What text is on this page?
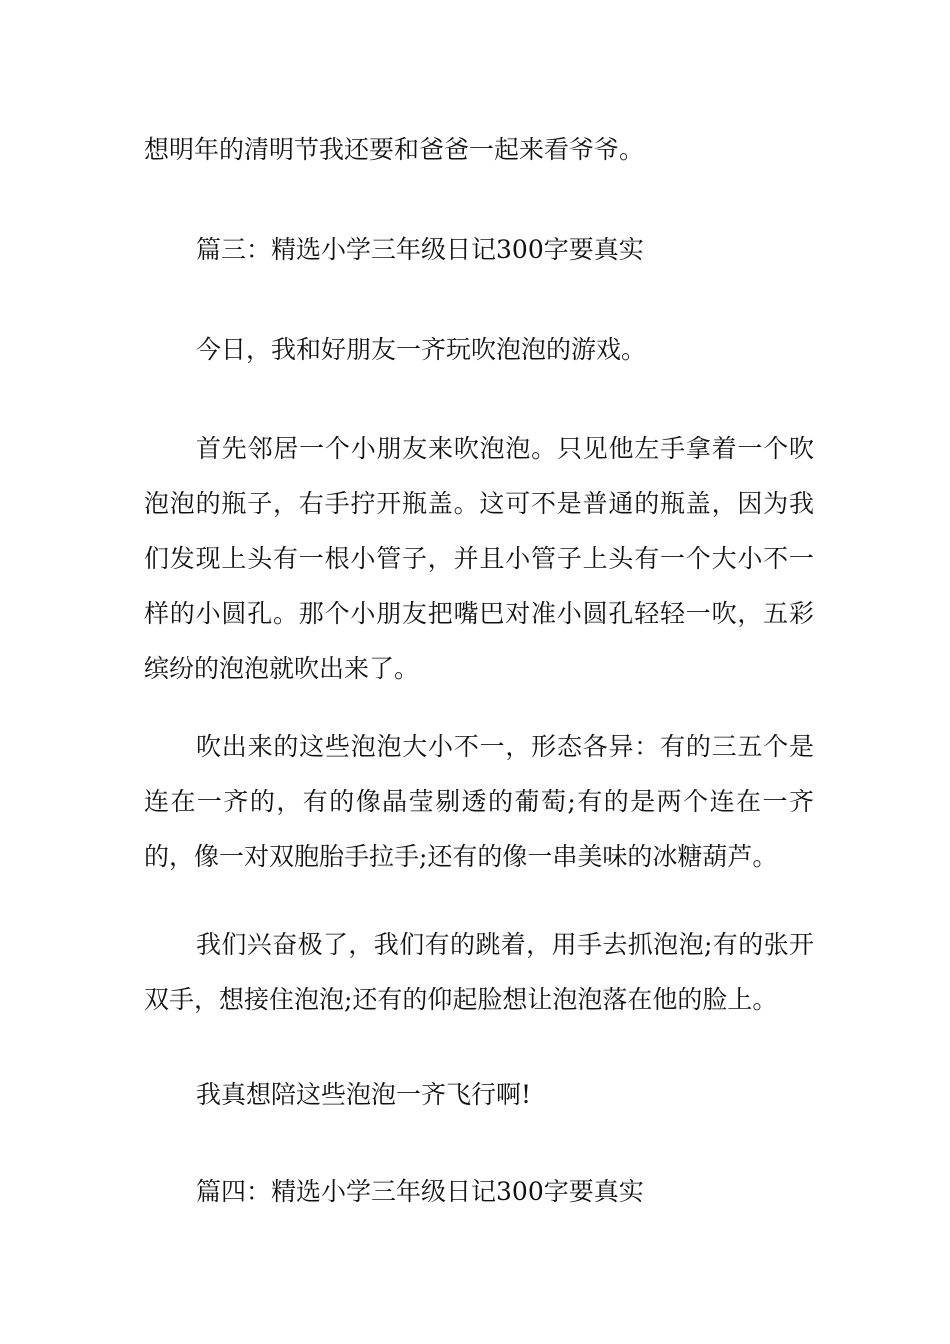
想明年的清明节我还要和爸爸一起来看爷爷。

篇三：精选小学三年级日记300字要真实

今日，我和好朋友一齐玩吹泡泡的游戏。

首先邻居一个小朋友来吹泡泡。只见他左手拿着一个吹泡泡的瓶子，右手拧开瓶盖。这可不是普通的瓶盖，因为我们发现上头有一根小管子，并且小管子上头有一个大小不一样的小圆孔。那个小朋友把嘴巴对准小圆孔轻轻一吹，五彩缤纷的泡泡就吹出来了。

吹出来的这些泡泡大小不一，形态各异：有的三五个是连在一齐的，有的像晶莹剔透的葡萄;有的是两个连在一齐的，像一对双胞胎手拉手;还有的像一串美味的冰糖葫芦。

我们兴奋极了，我们有的跳着，用手去抓泡泡;有的张开双手，想接住泡泡;还有的仰起脸想让泡泡落在他的脸上。

我真想陪这些泡泡一齐飞行啊!

篇四：精选小学三年级日记300字要真实
